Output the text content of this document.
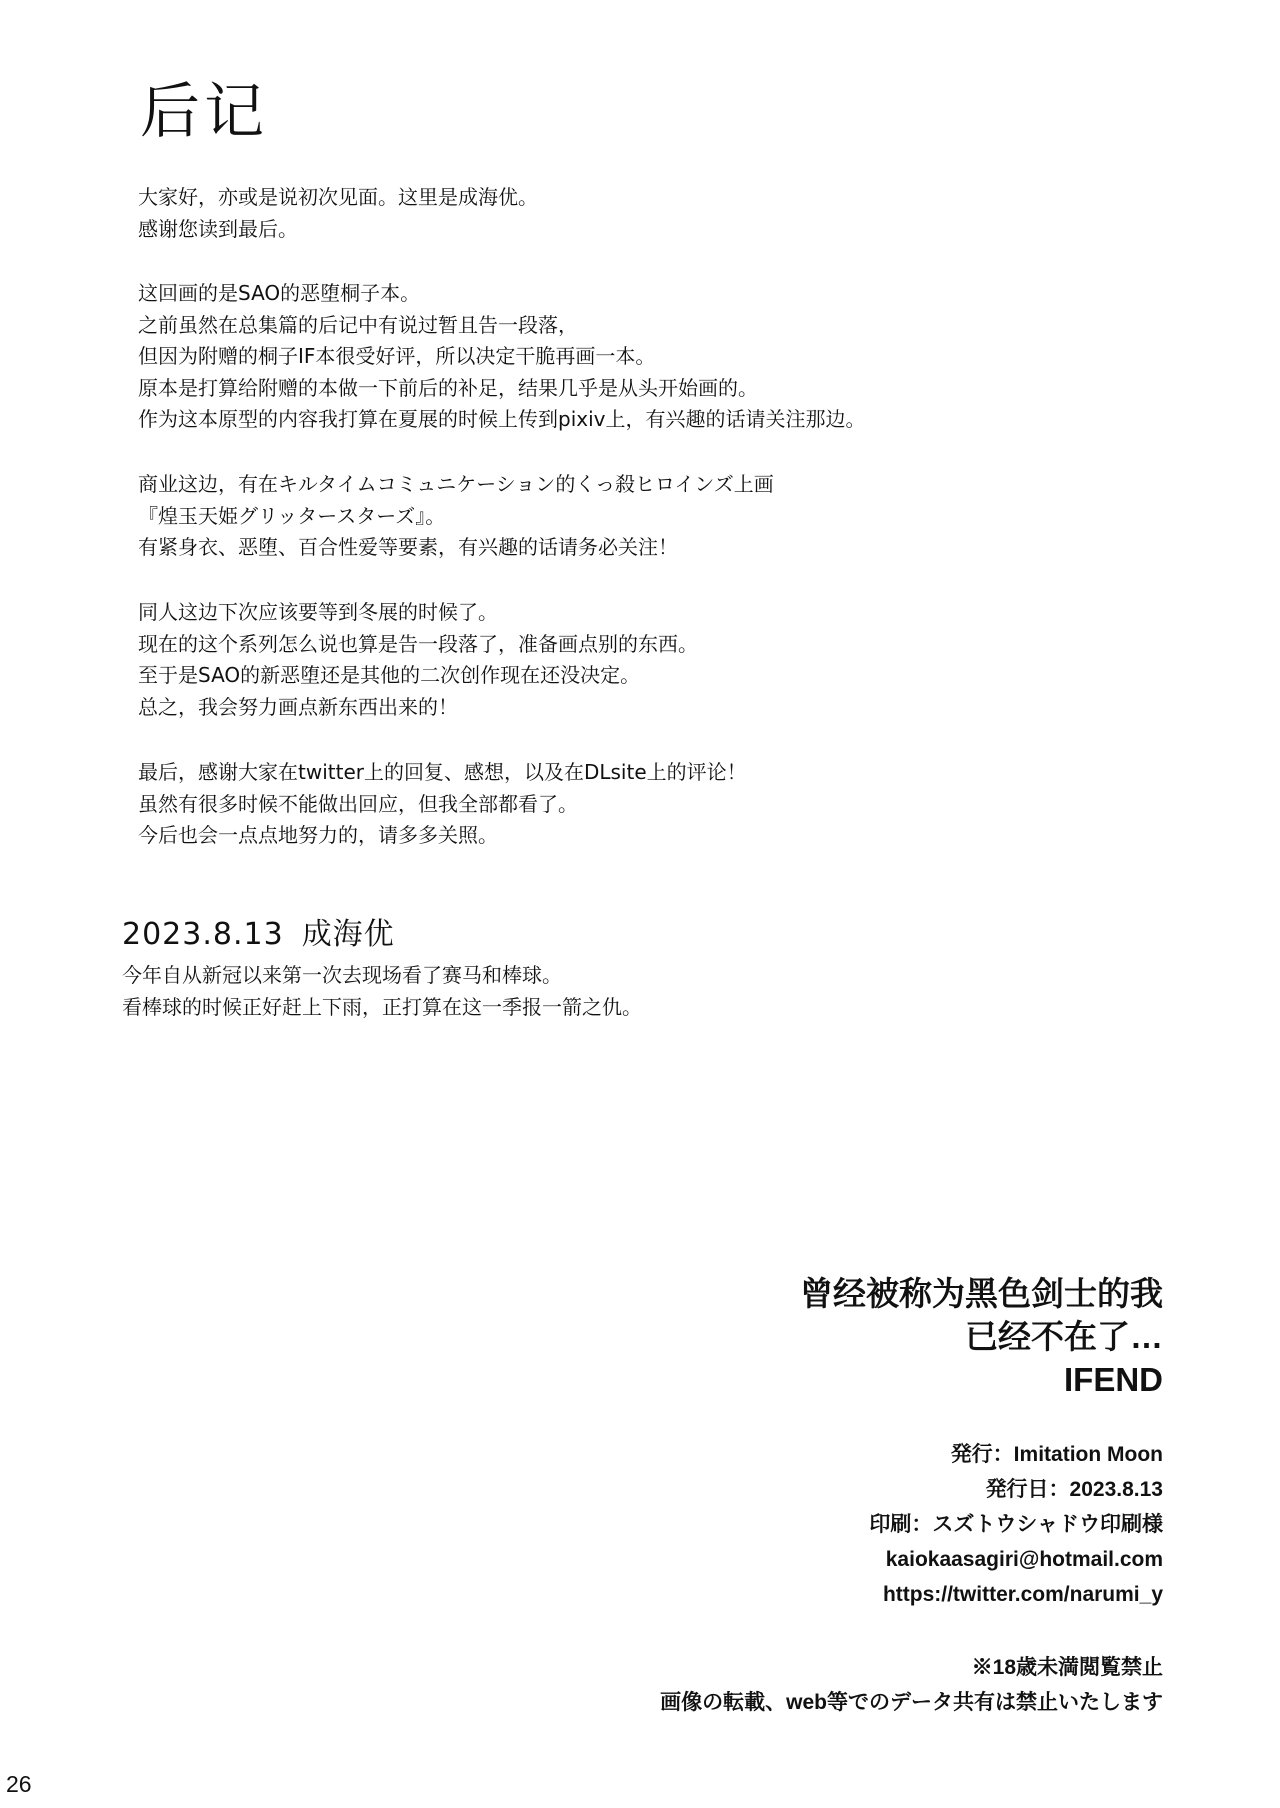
后记
大家好，亦或是说初次见面。这里是成海优。
感谢您读到最后。
这回画的是SAO的恶堕桐子本。
之前虽然在总集篇的后记中有说过暂且告一段落，
但因为附赠的桐子IF本很受好评，所以决定干脆再画一本。
原本是打算给附赠的本做一下前后的补足，结果几乎是从头开始画的。
作为这本原型的内容我打算在夏展的时候上传到pixiv上，有兴趣的话请关注那边。
商业这边，有在キルタイムコミュニケーション的くっ殺ヒロインズ上画
『煌玉天姫グリッタースターズ』。
有紧身衣、恶堕、百合性爱等要素，有兴趣的话请务必关注！
同人这边下次应该要等到冬展的时候了。
现在的这个系列怎么说也算是告一段落了，准备画点别的东西。
至于是SAO的新恶堕还是其他的二次创作现在还没决定。
总之，我会努力画点新东西出来的！
最后，感谢大家在twitter上的回复、感想，以及在DLsite上的评论！
虽然有很多时候不能做出回应，但我全部都看了。
今后也会一点点地努力的，请多多关照。
2023.8.13 成海优
今年自从新冠以来第一次去现场看了赛马和棒球。
看棒球的时候正好赶上下雨，正打算在这一季报一箭之仇。
曾经被称为黑色剑士的我
已经不在了…
IFEND
発行：Imitation Moon
発行日：2023.8.13
印刷：スズトウシャドウ印刷様
kaiokaasagiri@hotmail.com
https://twitter.com/narumi_y
※18歳未満閲覧禁止
画像の転載、web等でのデータ共有は禁止いたします
26
